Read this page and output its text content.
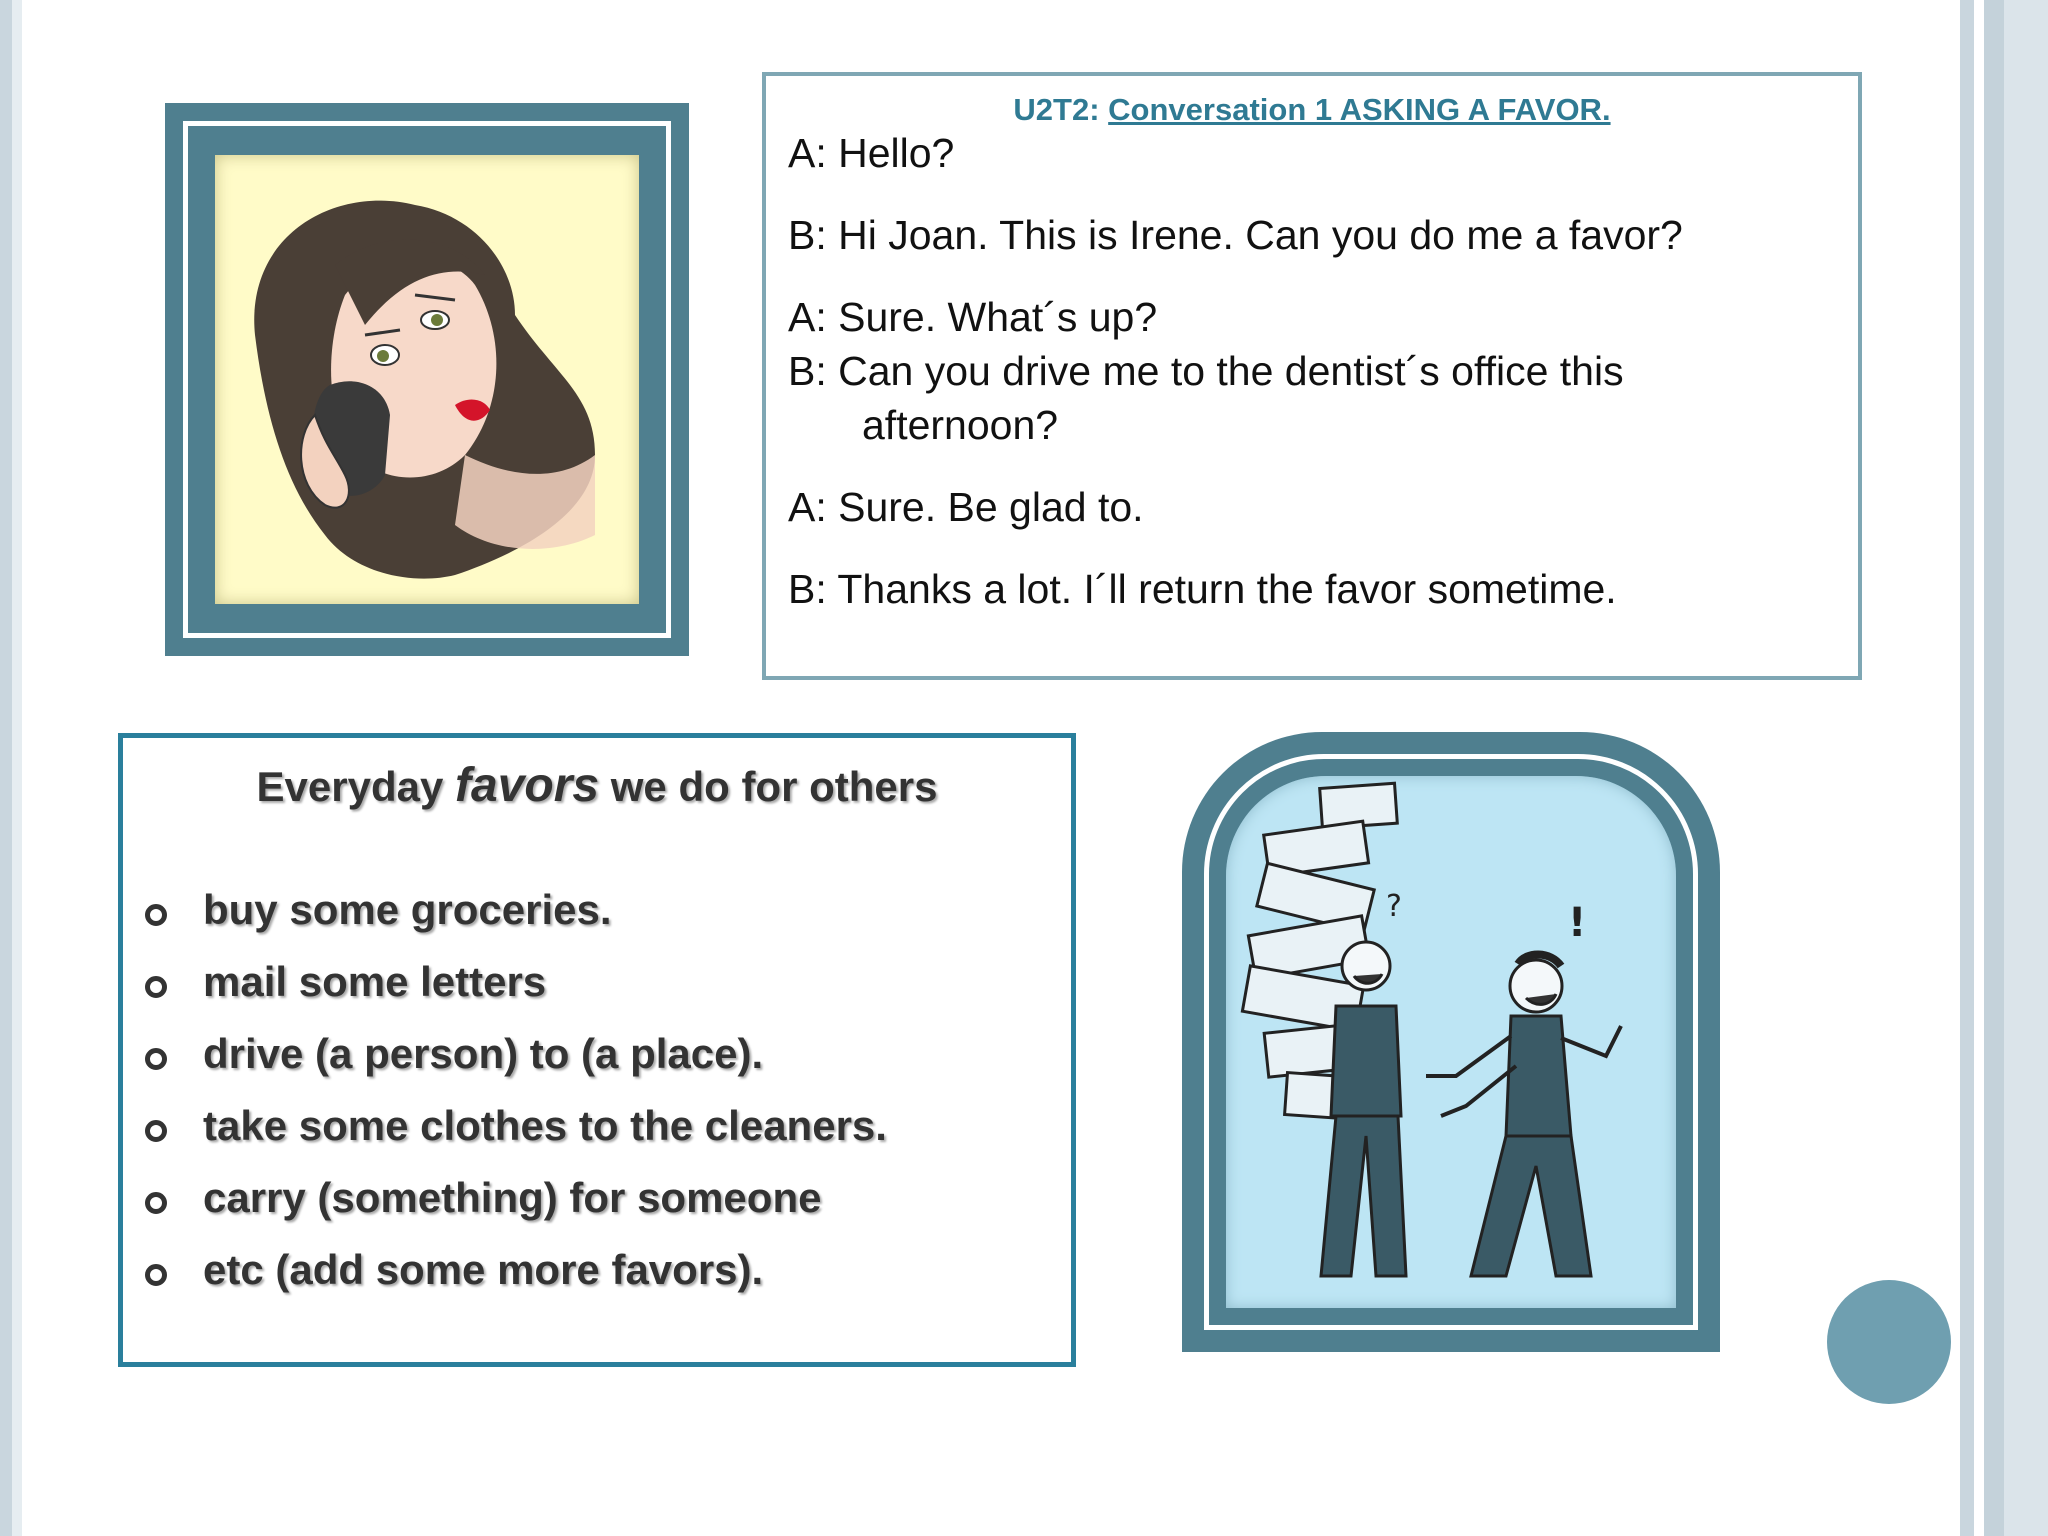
U2T2: Conversation 1 ASKING A FAVOR.
A: Hello?
B: Hi Joan. This is Irene. Can you do me a favor?
A: Sure. What´s up?
B: Can you drive me to the dentist´s office this
afternoon?
A: Sure. Be glad to.
B: Thanks a lot. I´ll return the favor sometime.
Everyday favors we do for others
buy some groceries.
mail some letters
drive (a person) to (a place).
take some clothes to the cleaners.
carry (something) for someone
etc (add some more favors).
?	!
